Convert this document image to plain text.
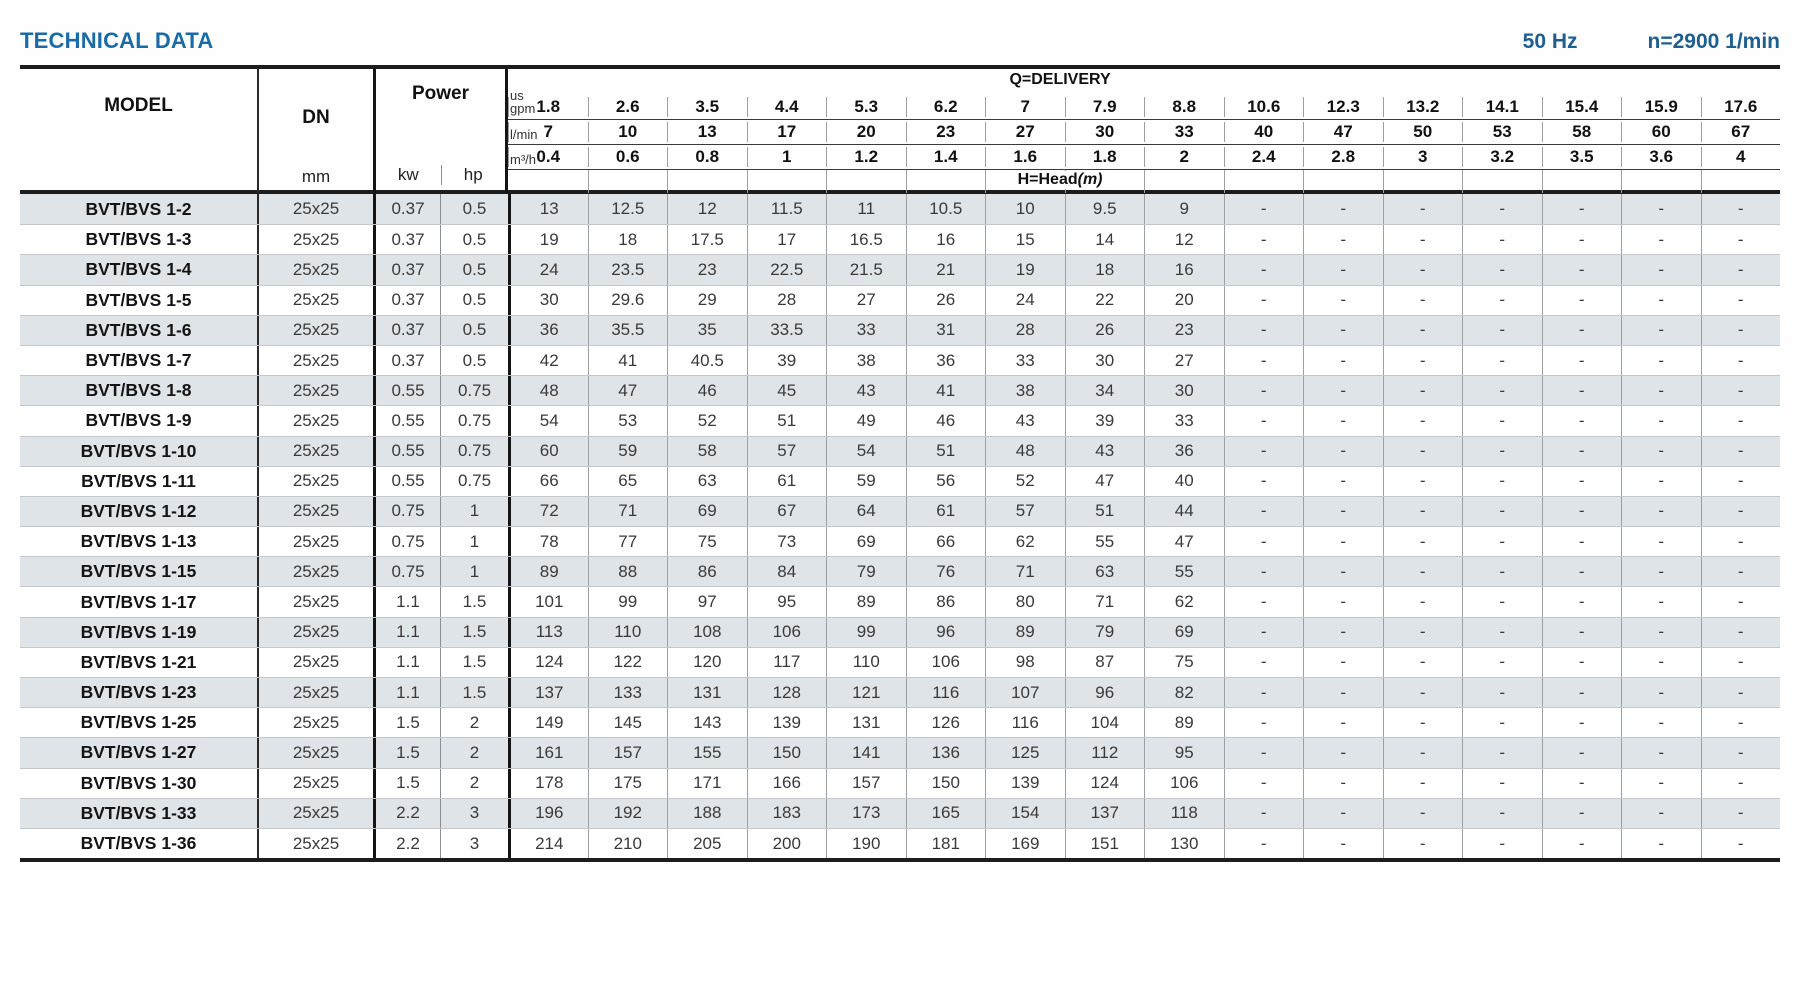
TECHNICAL DATA	50 Hz	n=2900 1/min
MODEL
DN
mm
Power
kw	hp
Q=DELIVERY
us
gpm 1.8	2.6	3.5	4.4	5.3	6.2	7	7.9	8.8	10.6	12.3	13.2	14.1	15.4	15.9	17.6
l/min 7	10	13	17	20	23	27	30	33	40	47	50	53	58	60	67
m³/h 0.4	0.6	0.8	1	1.2	1.4	1.6	1.8	2	2.4	2.8	3	3.2	3.5	3.6	4
H=Head(m)
BVT/BVS 1-2	25x25	0.37	0.5	13	12.5	12	11.5	11	10.5	10	9.5	9	-	-	-	-	-	-	-
BVT/BVS 1-3	25x25	0.37	0.5	19	18	17.5	17	16.5	16	15	14	12	-	-	-	-	-	-	-
BVT/BVS 1-4	25x25	0.37	0.5	24	23.5	23	22.5	21.5	21	19	18	16	-	-	-	-	-	-	-
BVT/BVS 1-5	25x25	0.37	0.5	30	29.6	29	28	27	26	24	22	20	-	-	-	-	-	-	-
BVT/BVS 1-6	25x25	0.37	0.5	36	35.5	35	33.5	33	31	28	26	23	-	-	-	-	-	-	-
BVT/BVS 1-7	25x25	0.37	0.5	42	41	40.5	39	38	36	33	30	27	-	-	-	-	-	-	-
BVT/BVS 1-8	25x25	0.55	0.75	48	47	46	45	43	41	38	34	30	-	-	-	-	-	-	-
BVT/BVS 1-9	25x25	0.55	0.75	54	53	52	51	49	46	43	39	33	-	-	-	-	-	-	-
BVT/BVS 1-10	25x25	0.55	0.75	60	59	58	57	54	51	48	43	36	-	-	-	-	-	-	-
BVT/BVS 1-11	25x25	0.55	0.75	66	65	63	61	59	56	52	47	40	-	-	-	-	-	-	-
BVT/BVS 1-12	25x25	0.75	1	72	71	69	67	64	61	57	51	44	-	-	-	-	-	-	-
BVT/BVS 1-13	25x25	0.75	1	78	77	75	73	69	66	62	55	47	-	-	-	-	-	-	-
BVT/BVS 1-15	25x25	0.75	1	89	88	86	84	79	76	71	63	55	-	-	-	-	-	-	-
BVT/BVS 1-17	25x25	1.1	1.5	101	99	97	95	89	86	80	71	62	-	-	-	-	-	-	-
BVT/BVS 1-19	25x25	1.1	1.5	113	110	108	106	99	96	89	79	69	-	-	-	-	-	-	-
BVT/BVS 1-21	25x25	1.1	1.5	124	122	120	117	110	106	98	87	75	-	-	-	-	-	-	-
BVT/BVS 1-23	25x25	1.1	1.5	137	133	131	128	121	116	107	96	82	-	-	-	-	-	-	-
BVT/BVS 1-25	25x25	1.5	2	149	145	143	139	131	126	116	104	89	-	-	-	-	-	-	-
BVT/BVS 1-27	25x25	1.5	2	161	157	155	150	141	136	125	112	95	-	-	-	-	-	-	-
BVT/BVS 1-30	25x25	1.5	2	178	175	171	166	157	150	139	124	106	-	-	-	-	-	-	-
BVT/BVS 1-33	25x25	2.2	3	196	192	188	183	173	165	154	137	118	-	-	-	-	-	-	-
BVT/BVS 1-36	25x25	2.2	3	214	210	205	200	190	181	169	151	130	-	-	-	-	-	-	-
